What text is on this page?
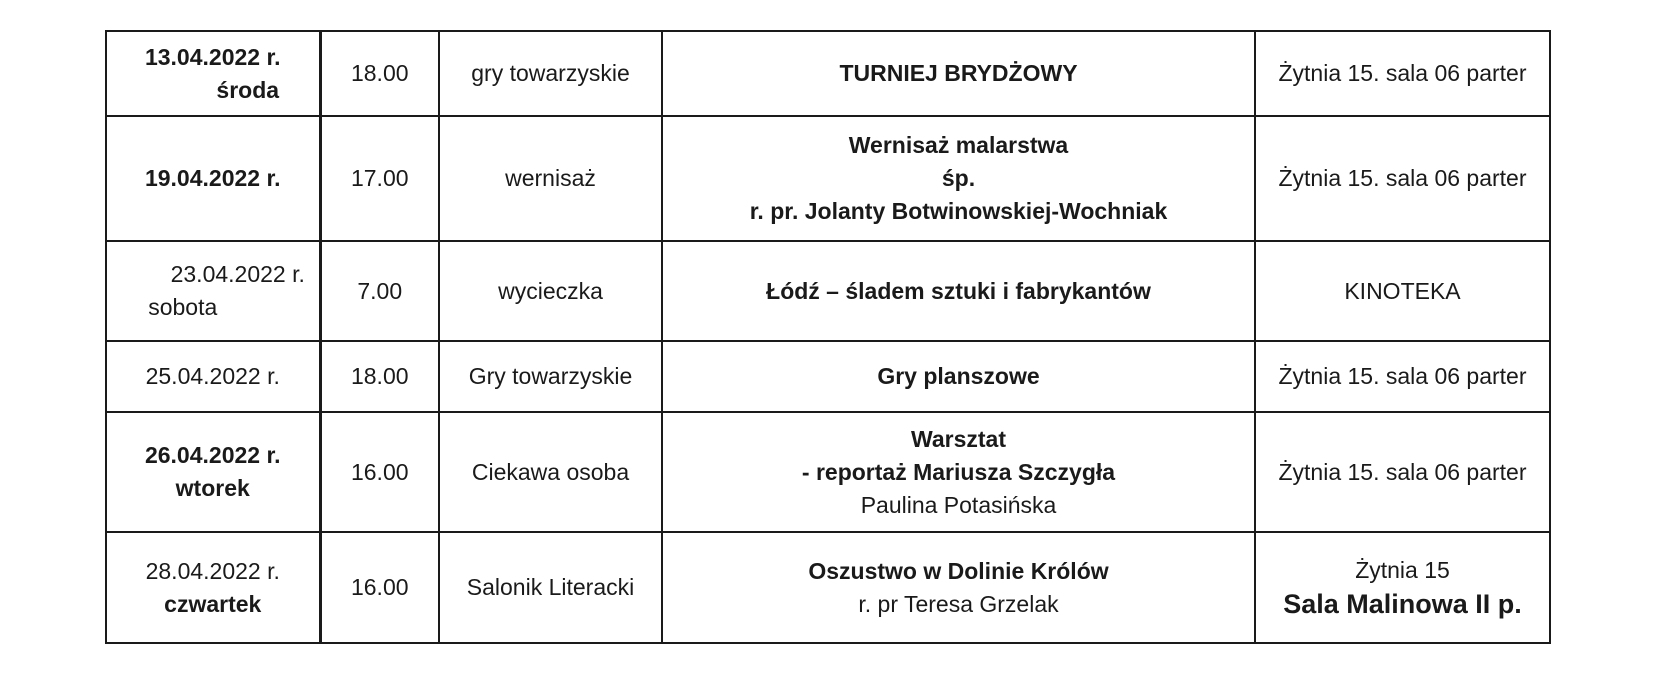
13.04.2022 r.
środa	18.00	gry towarzyskie	TURNIEJ BRYDŻOWY	Żytnia 15. sala 06 parter

19.04.2022 r.	17.00	wernisaż	Wernisaż malarstwa
śp.
r. pr. Jolanty Botwinowskiej-Wochniak	Żytnia 15. sala 06 parter

23.04.2022 r.
sobota	7.00	wycieczka	Łódź – śladem sztuki i fabrykantów	KINOTEKA

25.04.2022 r.	18.00	Gry towarzyskie	Gry planszowe	Żytnia 15. sala 06 parter

26.04.2022 r.
wtorek	16.00	Ciekawa osoba	Warsztat
- reportaż Mariusza Szczygła
Paulina Potasińska	Żytnia 15. sala 06 parter

28.04.2022 r.
czwartek	16.00	Salonik Literacki	Oszustwo w Dolinie Królów
r. pr Teresa Grzelak	Żytnia 15
Sala Malinowa II p.
